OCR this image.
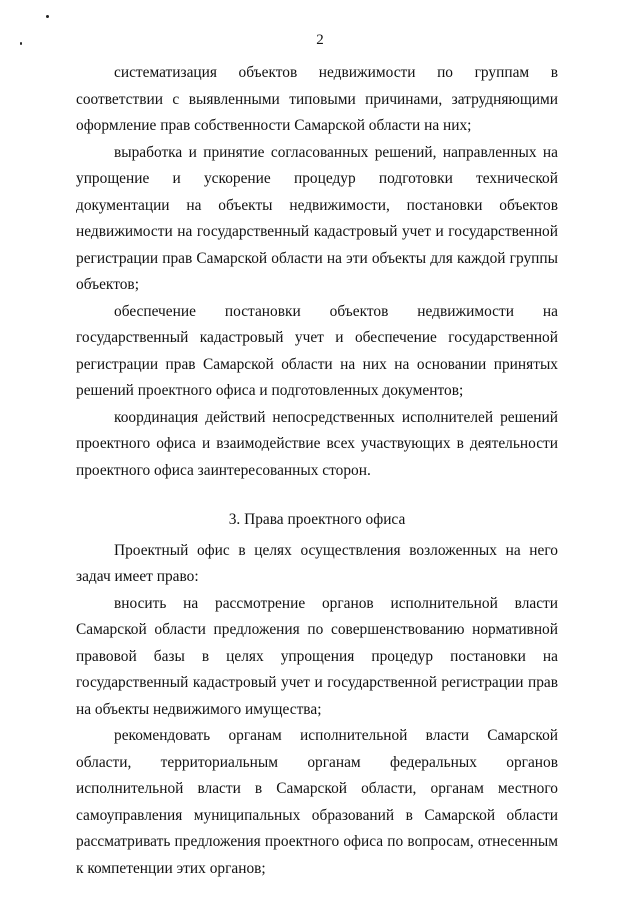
2

систематизация объектов недвижимости по группам в соответствии с выявленными типовыми причинами, затрудняющими оформление прав собственности Самарской области на них;

выработка и принятие согласованных решений, направленных на упрощение и ускорение процедур подготовки технической документации на объекты недвижимости, постановки объектов недвижимости на государственный кадастровый учет и государственной регистрации прав Самарской области на эти объекты для каждой группы объектов;

обеспечение постановки объектов недвижимости на государственный кадастровый учет и обеспечение государственной регистрации прав Самарской области на них на основании принятых решений проектного офиса и подготовленных документов;

координация действий непосредственных исполнителей решений проектного офиса и взаимодействие всех участвующих в деятельности проектного офиса заинтересованных сторон.

3. Права проектного офиса

Проектный офис в целях осуществления возложенных на него задач имеет право:

вносить на рассмотрение органов исполнительной власти Самарской области предложения по совершенствованию нормативной правовой базы в целях упрощения процедур постановки на государственный кадастровый учет и государственной регистрации прав на объекты недвижимого имущества;

рекомендовать органам исполнительной власти Самарской области, территориальным органам федеральных органов исполнительной власти в Самарской области, органам местного самоуправления муниципальных образований в Самарской области рассматривать предложения проектного офиса по вопросам, отнесенным к компетенции этих органов;
